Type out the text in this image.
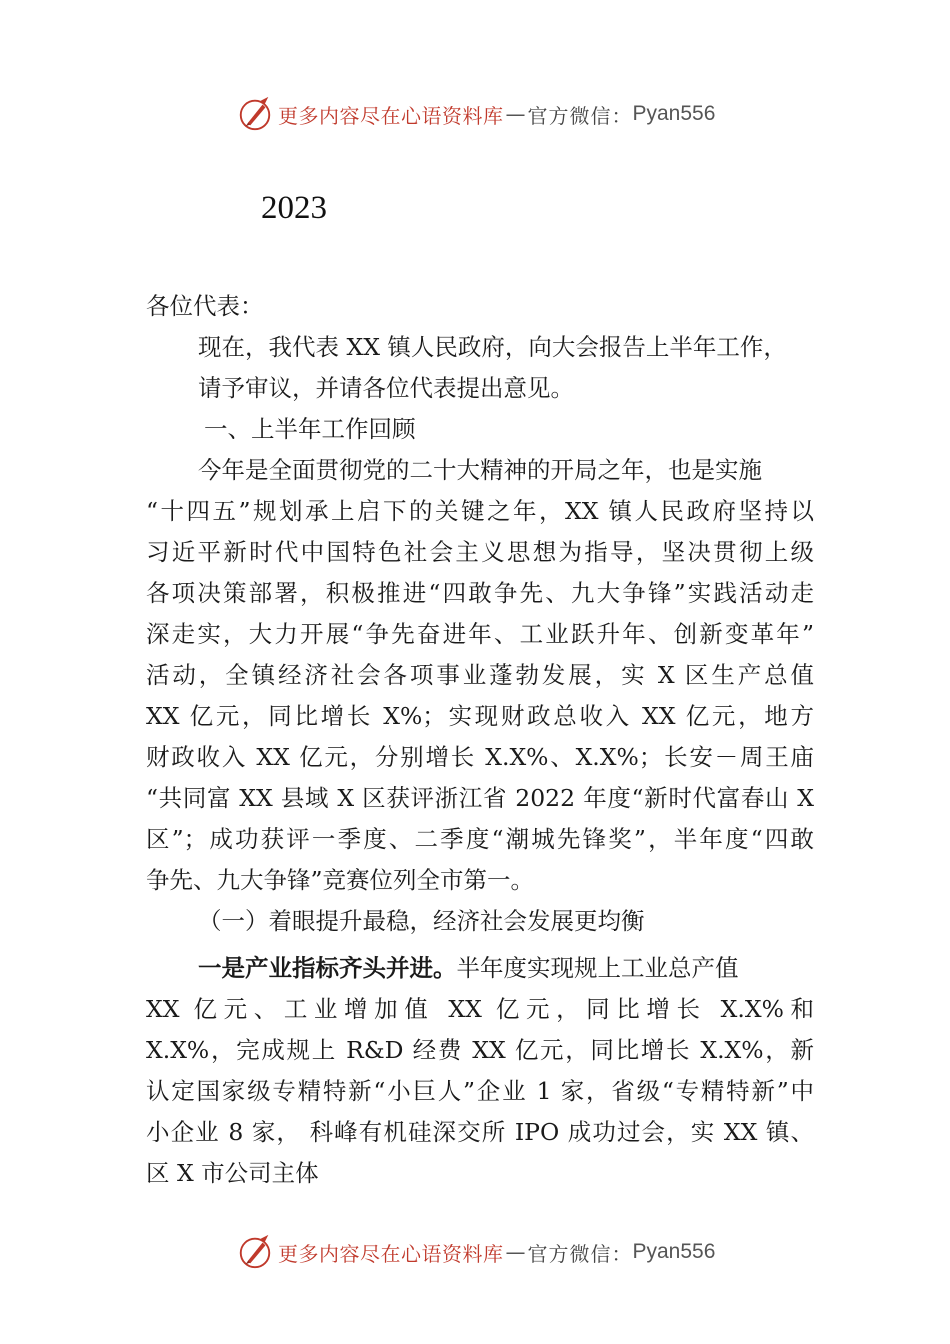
更多内容尽在心语资料库 — 官方微信： Pyan556
2023
各位代表：
现在，我代表 XX 镇人民政府，向大会报告上半年工作，
请予审议，并请各位代表提出意见。
一、上半年工作回顾
今年是全面贯彻党的二十大精神的开局之年，也是实施
“十四五”规划承上启下的关键之年，XX 镇人民政府坚持以
习近平新时代中国特色社会主义思想为指导，坚决贯彻上级
各项决策部署，积极推进“四敢争先、九大争锋”实践活动走
深走实，大力开展“争先奋进年、工业跃升年、创新变革年”
活动，全镇经济社会各项事业蓬勃发展，实 X 区生产总值
XX 亿元，同比增长 X%；实现财政总收入 XX 亿元，地方
财政收入 XX 亿元，分别增长 X.X%、X.X%；长安－周王庙
“共同富 XX 县域 X 区获评浙江省 2022 年度“新时代富春山 X
区”；成功获评一季度、二季度“潮城先锋奖”，半年度“四敢
争先、九大争锋”竞赛位列全市第一。
（一）着眼提升最稳，经济社会发展更均衡
一是产业指标齐头并进。半年度实现规上工业总产值
XX 亿元、工业增加值 XX 亿元，同比增长 X.X%和
X.X%，完成规上 R&D 经费 XX 亿元，同比增长 X.X%，新
认定国家级专精特新“小巨人”企业 1 家，省级“专精特新”中
小企业 8 家， 科峰有机硅深交所 IPO 成功过会，实 XX 镇、
区 X 市公司主体
更多内容尽在心语资料库 — 官方微信： Pyan556
